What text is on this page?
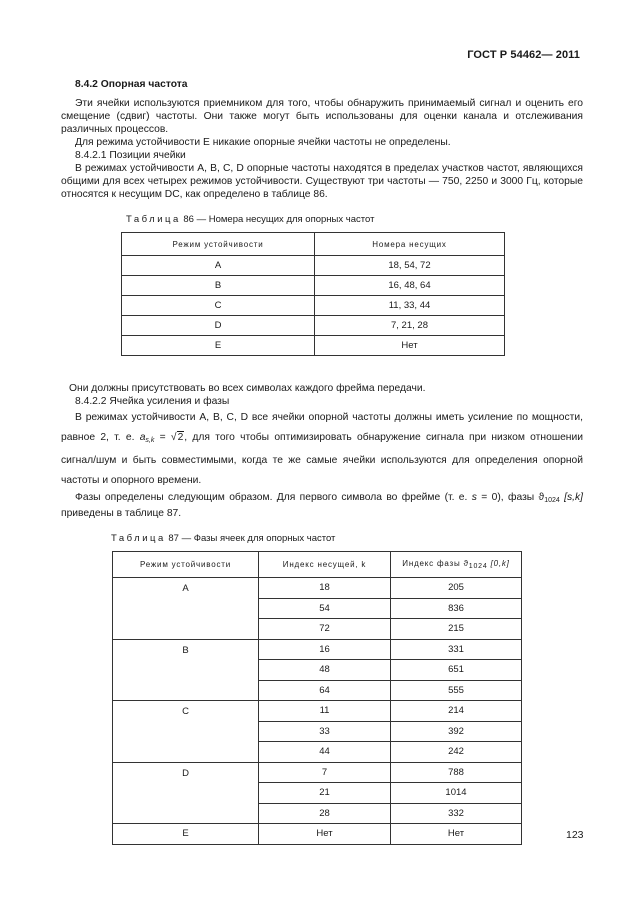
ГОСТ Р 54462— 2011
8.4.2 Опорная частота

Эти ячейки используются приемником для того, чтобы обнаружить принимаемый сигнал и оценить его смещение (сдвиг) частоты. Они также могут быть использованы для оценки канала и отслеживания различных процессов.

Для режима устойчивости Е никакие опорные ячейки частоты не определены.

8.4.2.1 Позиции ячейки

В режимах устойчивости А, В, С, D опорные частоты находятся в пределах участков частот, являющихся общими для всех четырех режимов устойчивости. Существуют три частоты — 750, 2250 и 3000 Гц, которые относятся к несущим DC, как определено в таблице 86.

Таблица 86 — Номера несущих для опорных частот
Режим устойчивости	Номера несущих
А	18, 54, 72
В	16, 48, 64
С	11, 33, 44
D	7, 21, 28
Е	Нет

Они должны присутствовать во всех символах каждого фрейма передачи.

8.4.2.2 Ячейка усиления и фазы

В режимах устойчивости А, В, С, D все ячейки опорной частоты должны иметь усиление по мощности, равное 2, т. е. $a_{s,k} = √2$, для того чтобы оптимизировать обнаружение сигнала при низком отношении сигнал/шум и быть совместимыми, когда те же самые ячейки используются для определения опорной частоты и опорного времени.

Фазы определены следующим образом. Для первого символа во фрейме (т. е. s = 0), фазы $ϑ_{1024}$ [s,k] приведены в таблице 87.

Таблица 87 — Фазы ячеек для опорных частот
Режим устойчивости	Индекс несущей, k	Индекс фазы ϑ1024 [0,k]
А	18	205
	54	836
	72	215
В	16	331
	48	651
	64	555
С	11	214
	33	392
	44	242
D	7	788
	21	1014
	28	332
Е	Нет	Нет	123
